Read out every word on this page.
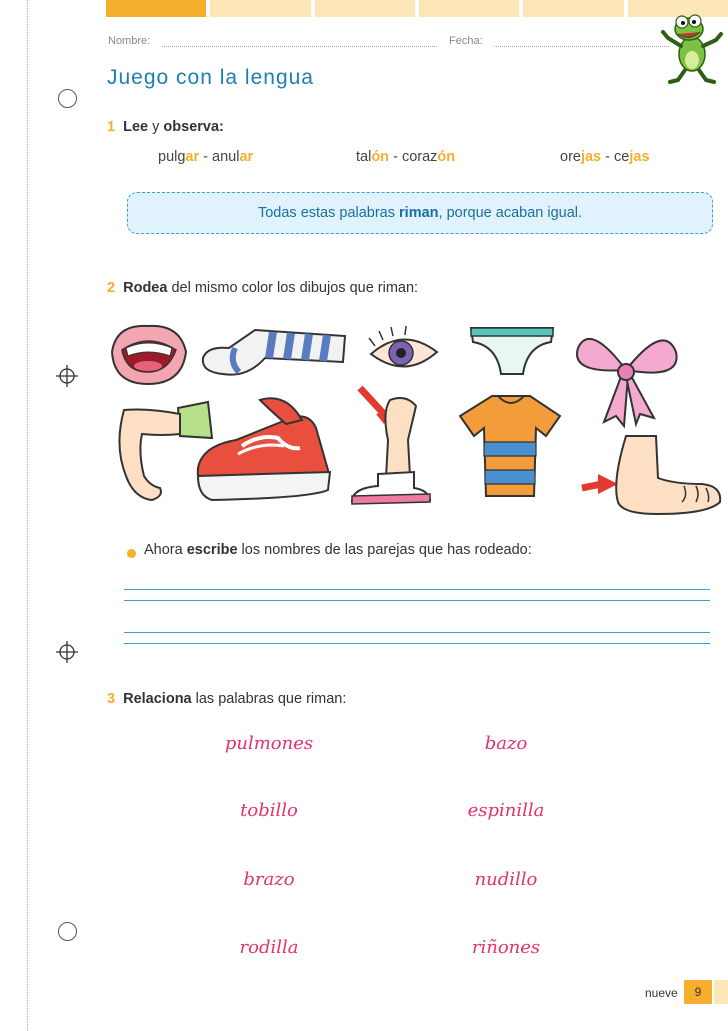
Nombre:	Fecha:
Juego con la lengua
1 Lee y observa:
pulgar - anular	talón - corazón	orejas - cejas
Todas estas palabras riman, porque acaban igual.
2 Rodea del mismo color los dibujos que riman:
Ahora escribe los nombres de las parejas que has rodeado:
3 Relaciona las palabras que riman:
pulmones
tobillo
brazo
rodilla
bazo
espinilla
nudillo
riñones
nueve	9
